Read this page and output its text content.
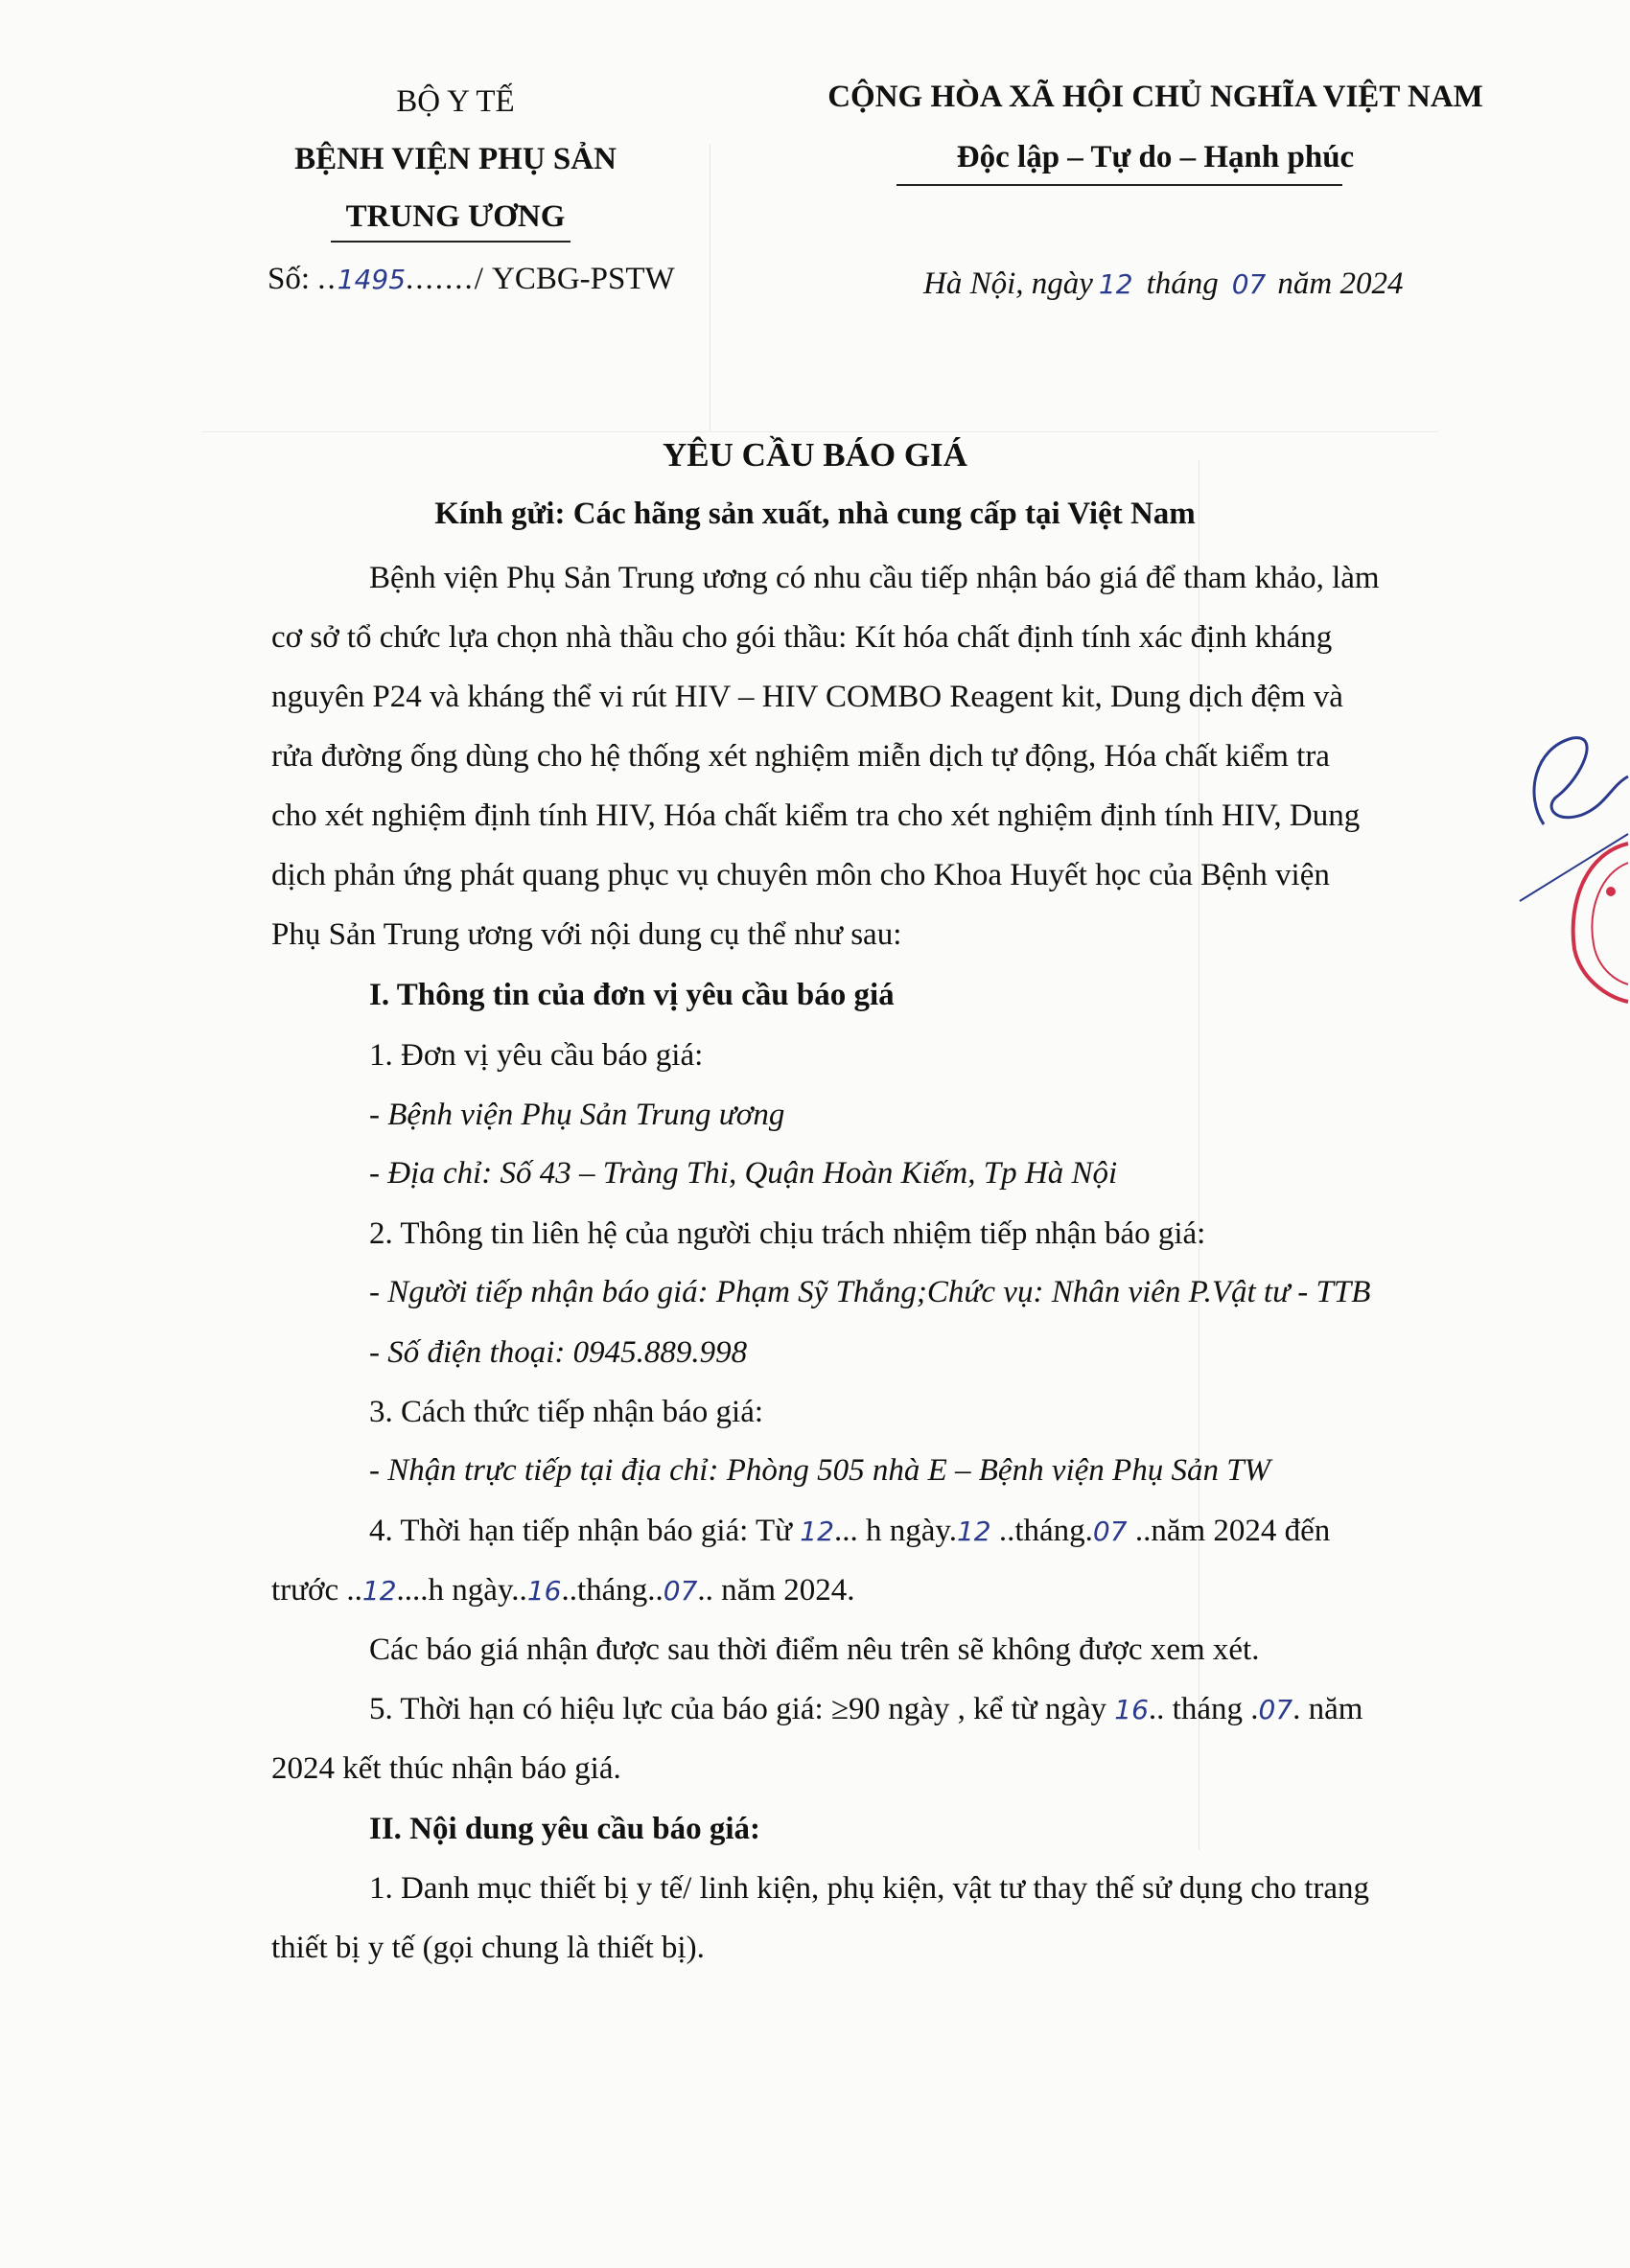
BỘ Y TẾ
BỆNH VIỆN PHỤ SẢN
TRUNG ƯƠNG
Số: ..1495......./ YCBG-PSTW
CỘNG HÒA XÃ HỘI CHỦ NGHĨA VIỆT NAM
Độc lập – Tự do – Hạnh phúc
Hà Nội, ngày 12 tháng 07 năm 2024
YÊU CẦU BÁO GIÁ
Kính gửi: Các hãng sản xuất, nhà cung cấp tại Việt Nam
Bệnh viện Phụ Sản Trung ương có nhu cầu tiếp nhận báo giá để tham khảo, làm
cơ sở tổ chức lựa chọn nhà thầu cho gói thầu: Kít hóa chất định tính xác định kháng
nguyên P24 và kháng thể vi rút HIV – HIV COMBO Reagent kit, Dung dịch đệm và
rửa đường ống dùng cho hệ thống xét nghiệm miễn dịch tự động, Hóa chất kiểm tra
cho xét nghiệm định tính HIV, Hóa chất kiểm tra cho xét nghiệm định tính HIV, Dung
dịch phản ứng phát quang phục vụ chuyên môn cho Khoa Huyết học của Bệnh viện
Phụ Sản Trung ương với nội dung cụ thể như sau:
I. Thông tin của đơn vị yêu cầu báo giá
1. Đơn vị yêu cầu báo giá:
- Bệnh viện Phụ Sản Trung ương
- Địa chỉ: Số 43 – Tràng Thi, Quận Hoàn Kiếm, Tp Hà Nội
2. Thông tin liên hệ của người chịu trách nhiệm tiếp nhận báo giá:
- Người tiếp nhận báo giá: Phạm Sỹ Thắng;Chức vụ: Nhân viên P.Vật tư - TTB
- Số điện thoại: 0945.889.998
3. Cách thức tiếp nhận báo giá:
- Nhận trực tiếp tại địa chỉ: Phòng 505 nhà E – Bệnh viện Phụ Sản TW
4. Thời hạn tiếp nhận báo giá: Từ 12... h ngày.12 ..tháng.07 ..năm 2024 đến
trước ..12....h ngày..16..tháng..07.. năm 2024.
Các báo giá nhận được sau thời điểm nêu trên sẽ không được xem xét.
5. Thời hạn có hiệu lực của báo giá: ≥90 ngày , kể từ ngày 16.. tháng .07. năm
2024 kết thúc nhận báo giá.
II. Nội dung yêu cầu báo giá:
1. Danh mục thiết bị y tế/ linh kiện, phụ kiện, vật tư thay thế sử dụng cho trang
thiết bị y tế (gọi chung là thiết bị).
